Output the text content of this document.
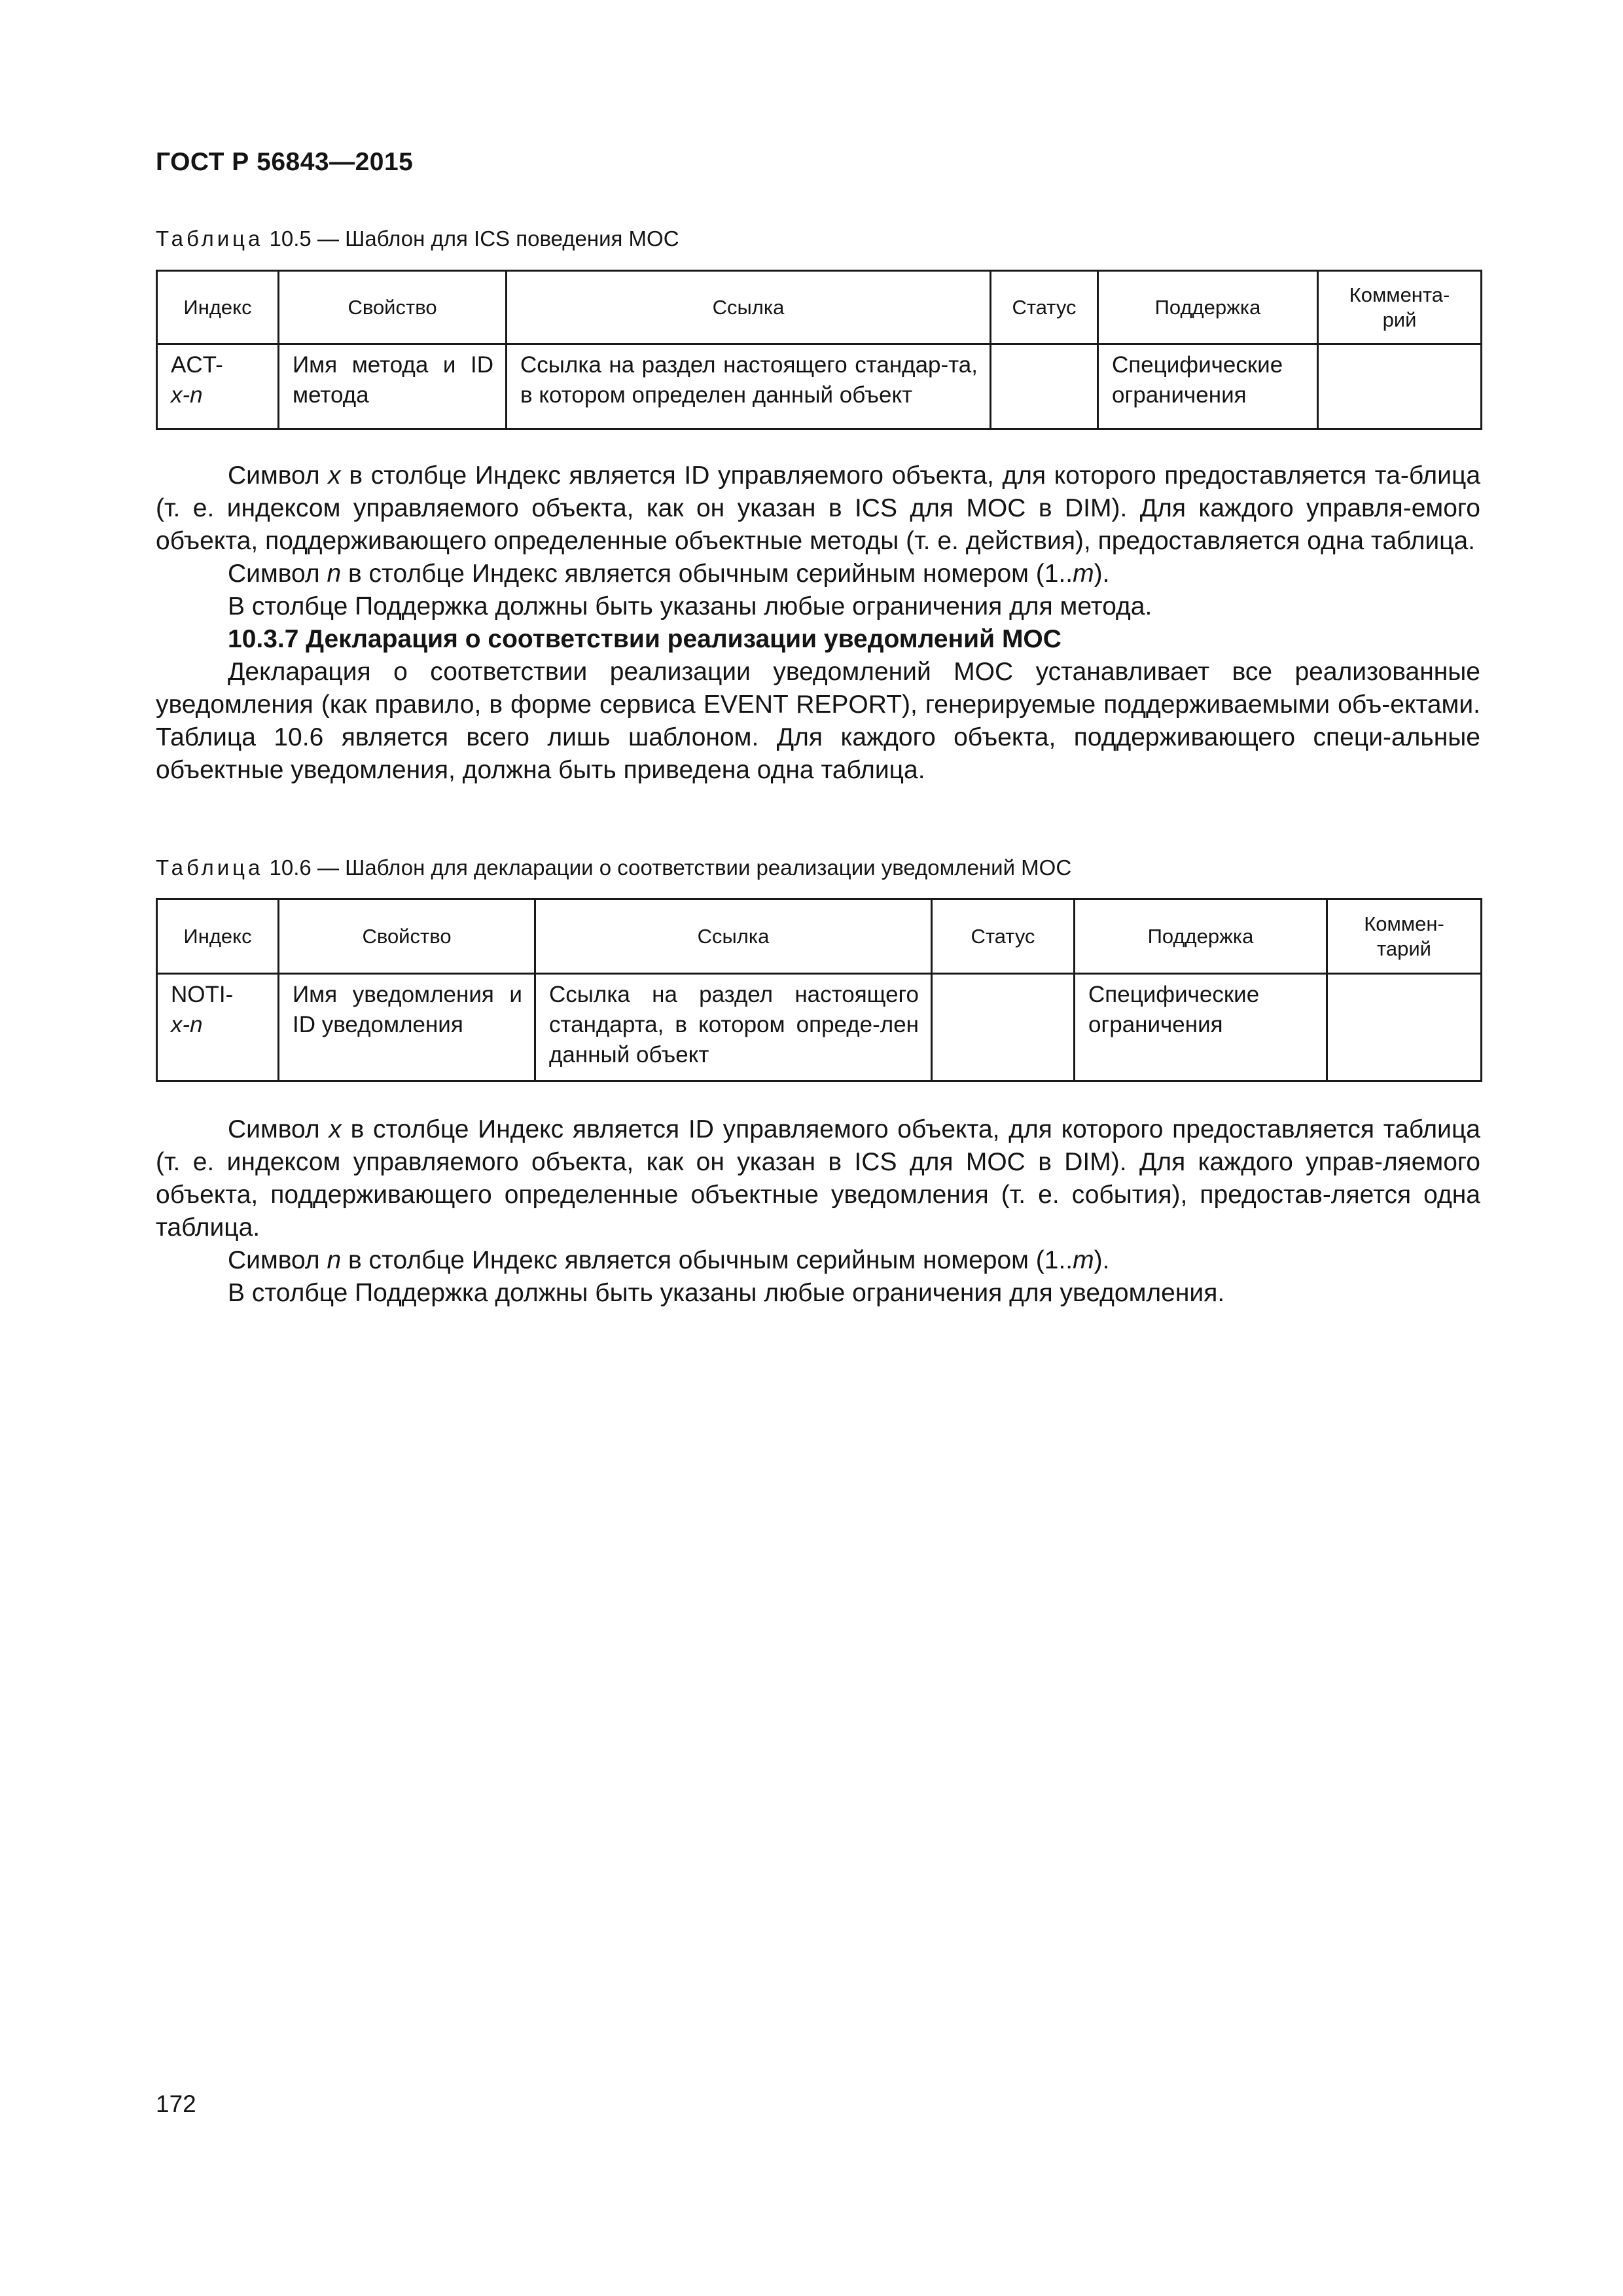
ГОСТ Р 56843—2015
Таблица 10.5 — Шаблон для ICS поведения МОС
Индекс	Свойство	Ссылка	Статус	Поддержка	Коммента-
рий

ACT-
x-n	Имя метода и ID метода	Ссылка на раздел настоящего стандар-та, в котором определен данный объект		Специфические ограничения	

Символ x в столбце Индекс является ID управляемого объекта, для которого предоставляется та-блица (т. е. индексом управляемого объекта, как он указан в ICS для МОС в DIM). Для каждого управля-емого объекта, поддерживающего определенные объектные методы (т. е. действия), предоставляется одна таблица.

Символ n в столбце Индекс является обычным серийным номером (1..m).

В столбце Поддержка должны быть указаны любые ограничения для метода.

10.3.7 Декларация о соответствии реализации уведомлений МОС

Декларация о соответствии реализации уведомлений МОС устанавливает все реализованные уведомления (как правило, в форме сервиса EVENT REPORT), генерируемые поддерживаемыми объ-ектами. Таблица 10.6 является всего лишь шаблоном. Для каждого объекта, поддерживающего специ-альные объектные уведомления, должна быть приведена одна таблица.

Таблица 10.6 — Шаблон для декларации о соответствии реализации уведомлений МОС
Индекс	Свойство	Ссылка	Статус	Поддержка	Коммен-
тарий

NOTI-
x-n	Имя уведомления и ID уведомления	Ссылка на раздел настоящего стандарта, в котором опреде-лен данный объект		Специфические ограничения	

Символ x в столбце Индекс является ID управляемого объекта, для которого предоставляется таблица (т. е. индексом управляемого объекта, как он указан в ICS для МОС в DIM). Для каждого управ-ляемого объекта, поддерживающего определенные объектные уведомления (т. е. события), предостав-ляется одна таблица.

Символ n в столбце Индекс является обычным серийным номером (1..m).

В столбце Поддержка должны быть указаны любые ограничения для уведомления.

172
